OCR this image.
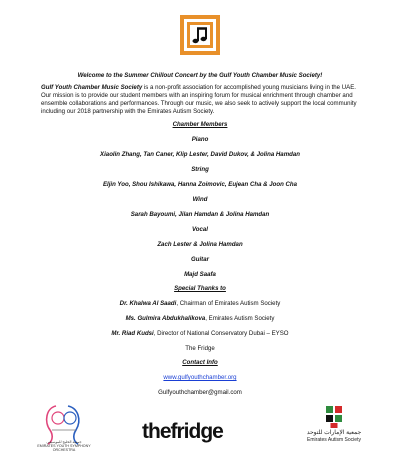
Welcome to the Summer Chillout Concert by the Gulf Youth Chamber Music Society!

Gulf Youth Chamber Music Society is a non-profit association for accomplished young musicians living in the UAE. Our mission is to provide our student members with an inspiring forum for musical enrichment through chamber and ensemble collaborations and performances. Through our music, we also seek to actively support the local community including our 2018 partnership with the Emirates Autism Society.

Chamber Members

Piano

Xiaolin Zhang, Tan Caner, Klip Lester, David Dukov, & Jolina Hamdan

String

Eljin Yoo, Shou Ishikawa, Hanna Zoimovic, Eujean Cha & Joon Cha

Wind

Sarah Bayoumi, Jilan Hamdan & Jolina Hamdan

Vocal

Zach Lester & Jolina Hamdan

Guitar

Majd Saafa

Special Thanks to

Dr. Khalwa Al Saadi, Chairman of Emirates Autism Society

Ms. Gulmira Abdukhalikova, Emirates Autism Society

Mr. Riad Kudsi, Director of National Conservatory Dubai – EYSO

The Fridge

Contact Info

www.gulfyouthchamber.org

Gulfyouthchamber@gmail.com

جمعية الخليج للموسيقى
EMIRATES YOUTH SYMPHONY ORCHESTRA
thefridge	جمعية الإمارات للتوحد
Emirates Autism Society
